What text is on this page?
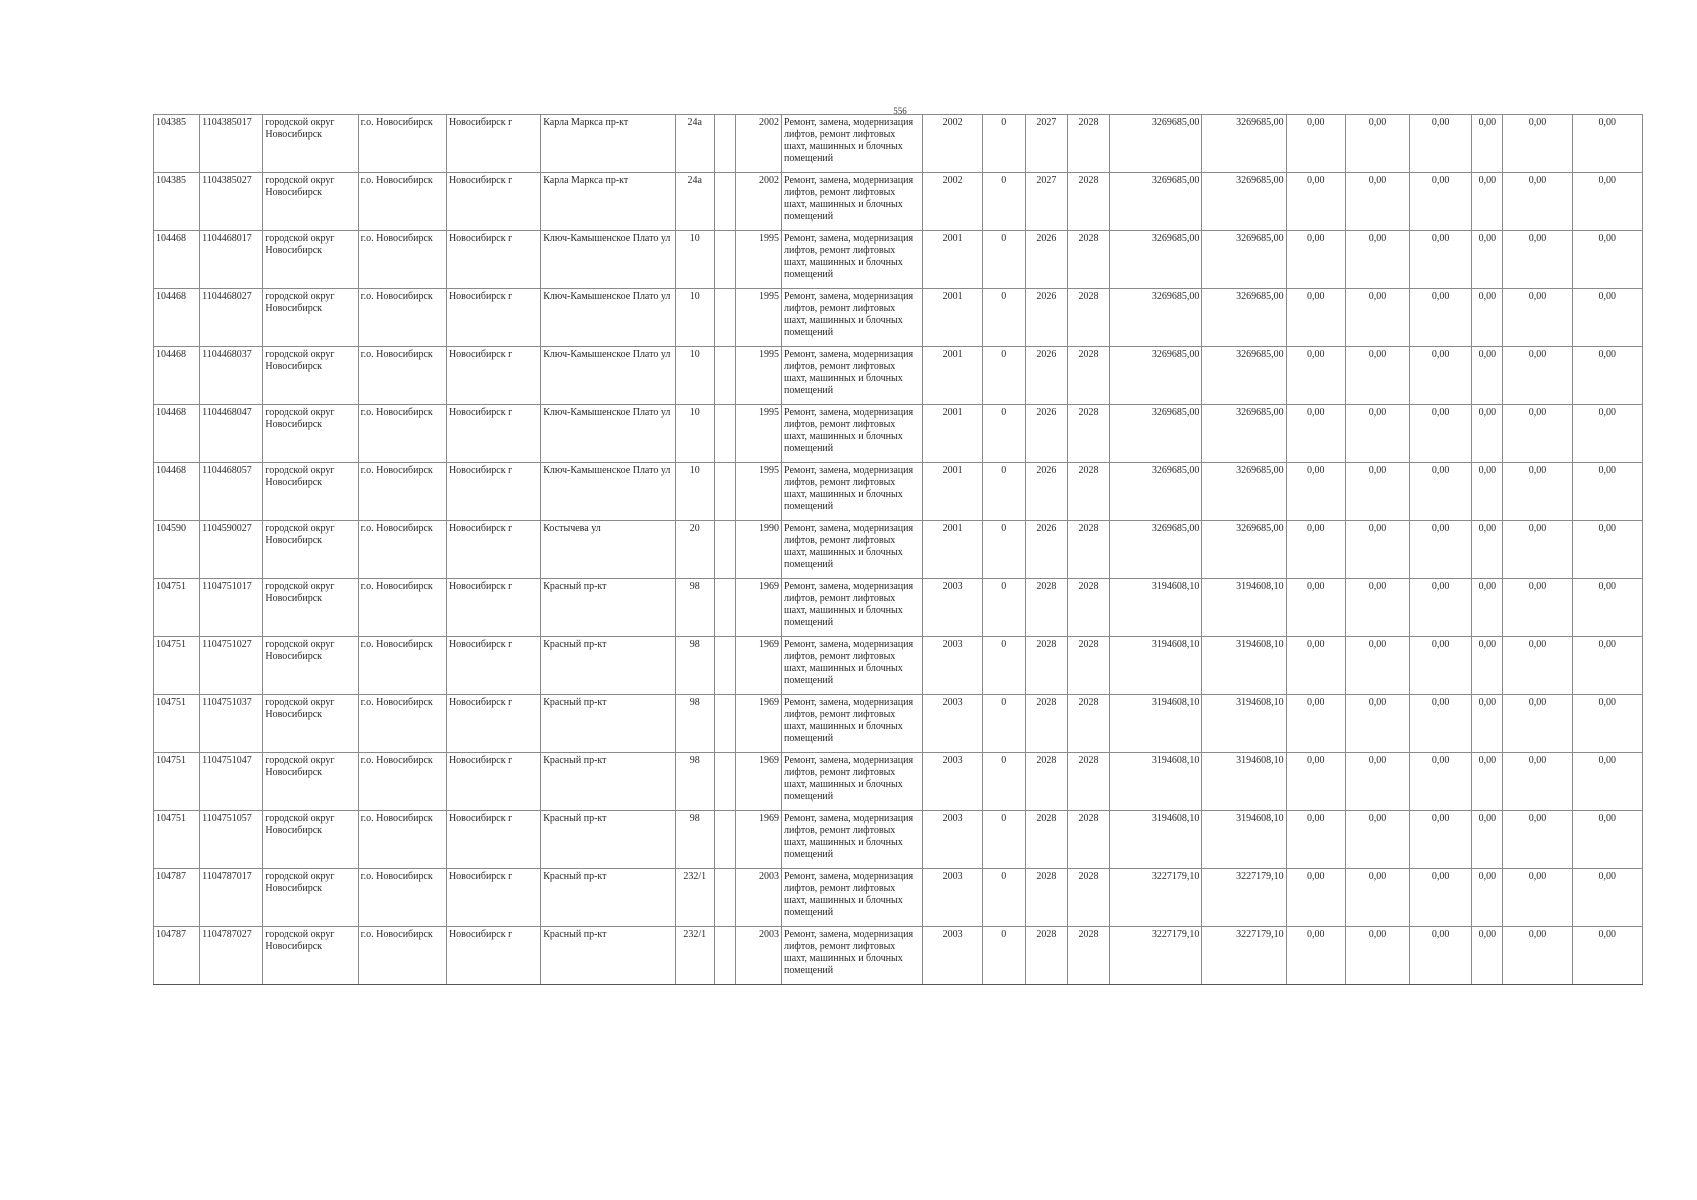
556
104385	1104385017	городской округ Новосибирск	г.о. Новосибирск	Новосибирск г	Карла Маркса пр-кт	24а		2002	Ремонт, замена, модернизация лифтов, ремонт лифтовых шахт, машинных и блочных помещений	2002	0	2027	2028	3269685,00	3269685,00	0,00	0,00	0,00	0,00	0,00	0,00
104385	1104385027	городской округ Новосибирск	г.о. Новосибирск	Новосибирск г	Карла Маркса пр-кт	24а		2002	Ремонт, замена, модернизация лифтов, ремонт лифтовых шахт, машинных и блочных помещений	2002	0	2027	2028	3269685,00	3269685,00	0,00	0,00	0,00	0,00	0,00	0,00
104468	1104468017	городской округ Новосибирск	г.о. Новосибирск	Новосибирск г	Ключ-Камышенское Плато ул	10		1995	Ремонт, замена, модернизация лифтов, ремонт лифтовых шахт, машинных и блочных помещений	2001	0	2026	2028	3269685,00	3269685,00	0,00	0,00	0,00	0,00	0,00	0,00
104468	1104468027	городской округ Новосибирск	г.о. Новосибирск	Новосибирск г	Ключ-Камышенское Плато ул	10		1995	Ремонт, замена, модернизация лифтов, ремонт лифтовых шахт, машинных и блочных помещений	2001	0	2026	2028	3269685,00	3269685,00	0,00	0,00	0,00	0,00	0,00	0,00
104468	1104468037	городской округ Новосибирск	г.о. Новосибирск	Новосибирск г	Ключ-Камышенское Плато ул	10		1995	Ремонт, замена, модернизация лифтов, ремонт лифтовых шахт, машинных и блочных помещений	2001	0	2026	2028	3269685,00	3269685,00	0,00	0,00	0,00	0,00	0,00	0,00
104468	1104468047	городской округ Новосибирск	г.о. Новосибирск	Новосибирск г	Ключ-Камышенское Плато ул	10		1995	Ремонт, замена, модернизация лифтов, ремонт лифтовых шахт, машинных и блочных помещений	2001	0	2026	2028	3269685,00	3269685,00	0,00	0,00	0,00	0,00	0,00	0,00
104468	1104468057	городской округ Новосибирск	г.о. Новосибирск	Новосибирск г	Ключ-Камышенское Плато ул	10		1995	Ремонт, замена, модернизация лифтов, ремонт лифтовых шахт, машинных и блочных помещений	2001	0	2026	2028	3269685,00	3269685,00	0,00	0,00	0,00	0,00	0,00	0,00
104590	1104590027	городской округ Новосибирск	г.о. Новосибирск	Новосибирск г	Костычева ул	20		1990	Ремонт, замена, модернизация лифтов, ремонт лифтовых шахт, машинных и блочных помещений	2001	0	2026	2028	3269685,00	3269685,00	0,00	0,00	0,00	0,00	0,00	0,00
104751	1104751017	городской округ Новосибирск	г.о. Новосибирск	Новосибирск г	Красный пр-кт	98		1969	Ремонт, замена, модернизация лифтов, ремонт лифтовых шахт, машинных и блочных помещений	2003	0	2028	2028	3194608,10	3194608,10	0,00	0,00	0,00	0,00	0,00	0,00
104751	1104751027	городской округ Новосибирск	г.о. Новосибирск	Новосибирск г	Красный пр-кт	98		1969	Ремонт, замена, модернизация лифтов, ремонт лифтовых шахт, машинных и блочных помещений	2003	0	2028	2028	3194608,10	3194608,10	0,00	0,00	0,00	0,00	0,00	0,00
104751	1104751037	городской округ Новосибирск	г.о. Новосибирск	Новосибирск г	Красный пр-кт	98		1969	Ремонт, замена, модернизация лифтов, ремонт лифтовых шахт, машинных и блочных помещений	2003	0	2028	2028	3194608,10	3194608,10	0,00	0,00	0,00	0,00	0,00	0,00
104751	1104751047	городской округ Новосибирск	г.о. Новосибирск	Новосибирск г	Красный пр-кт	98		1969	Ремонт, замена, модернизация лифтов, ремонт лифтовых шахт, машинных и блочных помещений	2003	0	2028	2028	3194608,10	3194608,10	0,00	0,00	0,00	0,00	0,00	0,00
104751	1104751057	городской округ Новосибирск	г.о. Новосибирск	Новосибирск г	Красный пр-кт	98		1969	Ремонт, замена, модернизация лифтов, ремонт лифтовых шахт, машинных и блочных помещений	2003	0	2028	2028	3194608,10	3194608,10	0,00	0,00	0,00	0,00	0,00	0,00
104787	1104787017	городской округ Новосибирск	г.о. Новосибирск	Новосибирск г	Красный пр-кт	232/1		2003	Ремонт, замена, модернизация лифтов, ремонт лифтовых шахт, машинных и блочных помещений	2003	0	2028	2028	3227179,10	3227179,10	0,00	0,00	0,00	0,00	0,00	0,00
104787	1104787027	городской округ Новосибирск	г.о. Новосибирск	Новосибирск г	Красный пр-кт	232/1		2003	Ремонт, замена, модернизация лифтов, ремонт лифтовых шахт, машинных и блочных помещений	2003	0	2028	2028	3227179,10	3227179,10	0,00	0,00	0,00	0,00	0,00	0,00
